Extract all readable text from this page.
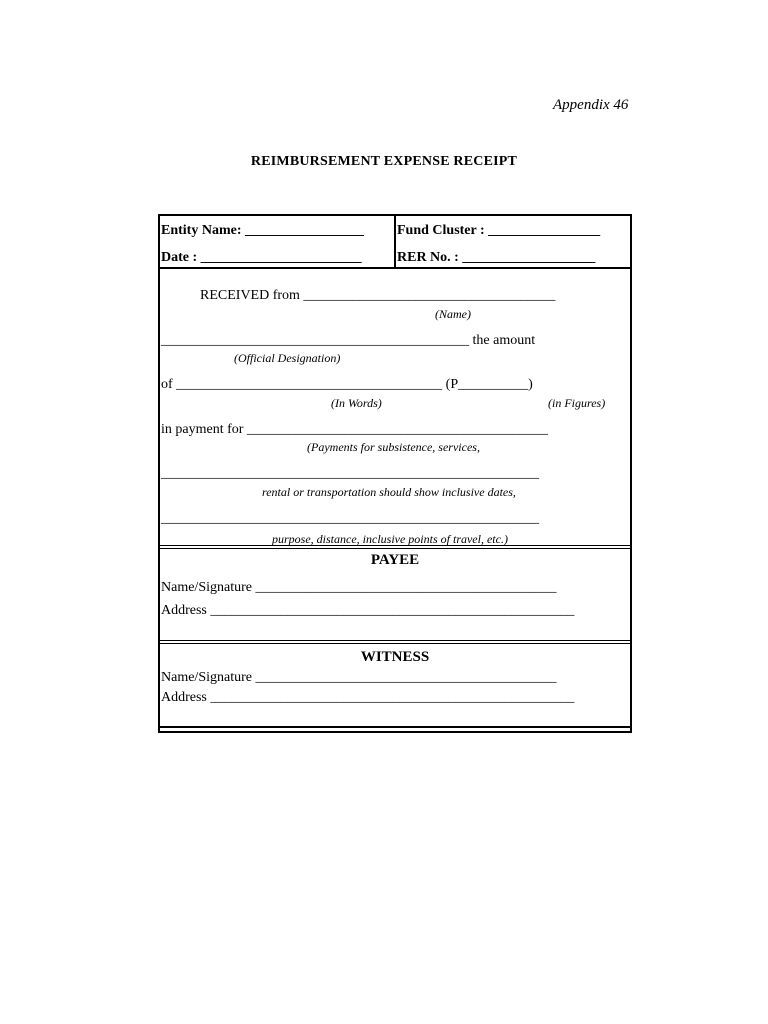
Appendix 46
REIMBURSEMENT EXPENSE RECEIPT
Entity Name: _________________ Fund Cluster : ________________
Date : _______________________	RER No. : ___________________
RECEIVED from ____________________________________
(Name)
____________________________________________ the amount
(Official Designation)
of ______________________________________ (P__________)
(In Words)	(in Figures)
in payment for ___________________________________________
(Payments for subsistence, services,
______________________________________________________
rental or transportation should show inclusive dates,
______________________________________________________
purpose, distance, inclusive points of travel, etc.)
PAYEE
Name/Signature ___________________________________________
Address ____________________________________________________
WITNESS
Name/Signature ___________________________________________
Address ____________________________________________________
